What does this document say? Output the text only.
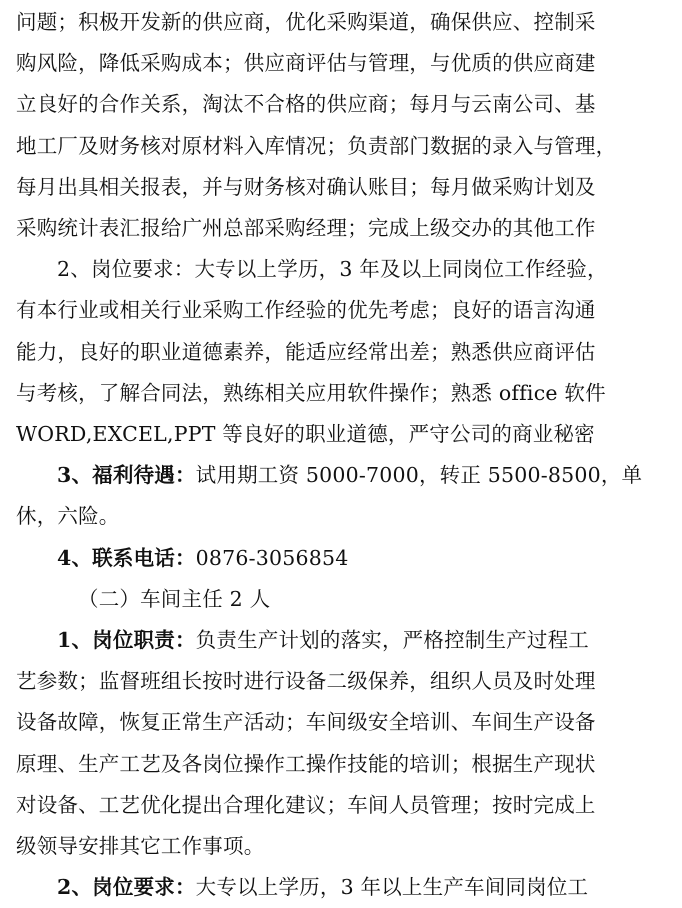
问题；积极开发新的供应商，优化采购渠道，确保供应、控制采
购风险，降低采购成本；供应商评估与管理，与优质的供应商建
立良好的合作关系，淘汰不合格的供应商；每月与云南公司、基
地工厂及财务核对原材料入库情况；负责部门数据的录入与管理，
每月出具相关报表，并与财务核对确认账目；每月做采购计划及
采购统计表汇报给广州总部采购经理；完成上级交办的其他工作
2、岗位要求：大专以上学历，3 年及以上同岗位工作经验，
有本行业或相关行业采购工作经验的优先考虑；良好的语言沟通
能力，良好的职业道德素养，能适应经常出差；熟悉供应商评估
与考核，了解合同法，熟练相关应用软件操作；熟悉 office 软件
WORD,EXCEL,PPT 等良好的职业道德，严守公司的商业秘密
3、福利待遇：试用期工资 5000-7000，转正 5500-8500，单
休，六险。
4、联系电话：0876-3056854
（二）车间主任 2 人
1、岗位职责：负责生产计划的落实，严格控制生产过程工
艺参数；监督班组长按时进行设备二级保养，组织人员及时处理
设备故障，恢复正常生产活动；车间级安全培训、车间生产设备
原理、生产工艺及各岗位操作工操作技能的培训；根据生产现状
对设备、工艺优化提出合理化建议；车间人员管理；按时完成上
级领导安排其它工作事项。
2、岗位要求：大专以上学历，3 年以上生产车间同岗位工
